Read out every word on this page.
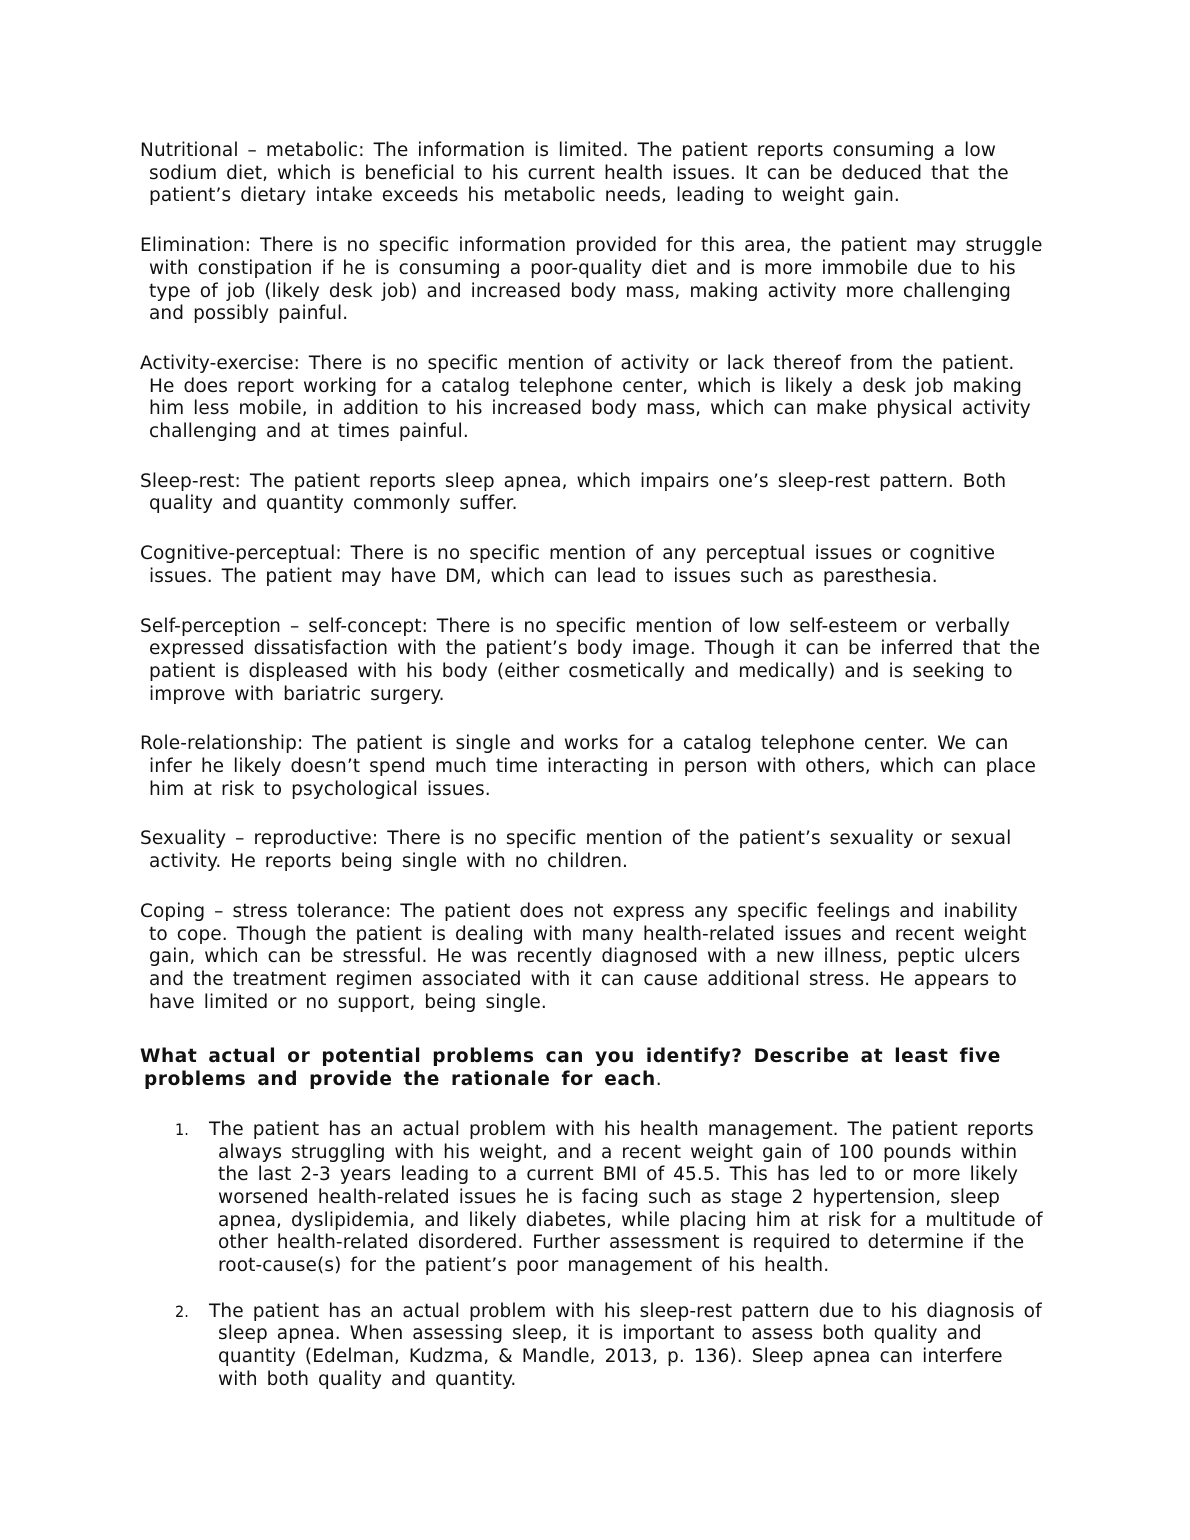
Nutritional – metabolic: The information is limited. The patient reports consuming a low sodium diet, which is beneficial to his current health issues. It can be deduced that the patient’s dietary intake exceeds his metabolic needs, leading to weight gain.

Elimination: There is no specific information provided for this area, the patient may struggle with constipation if he is consuming a poor-quality diet and is more immobile due to his type of job (likely desk job) and increased body mass, making activity more challenging and possibly painful.

Activity-exercise: There is no specific mention of activity or lack thereof from the patient. He does report working for a catalog telephone center, which is likely a desk job making him less mobile, in addition to his increased body mass, which can make physical activity challenging and at times painful.

Sleep-rest: The patient reports sleep apnea, which impairs one’s sleep-rest pattern. Both quality and quantity commonly suffer.

Cognitive-perceptual: There is no specific mention of any perceptual issues or cognitive issues. The patient may have DM, which can lead to issues such as paresthesia.

Self-perception – self-concept: There is no specific mention of low self-esteem or verbally expressed dissatisfaction with the patient’s body image. Though it can be inferred that the patient is displeased with his body (either cosmetically and medically) and is seeking to improve with bariatric surgery.

Role-relationship: The patient is single and works for a catalog telephone center. We can infer he likely doesn’t spend much time interacting in person with others, which can place him at risk to psychological issues.

Sexuality – reproductive: There is no specific mention of the patient’s sexuality or sexual activity. He reports being single with no children.

Coping – stress tolerance: The patient does not express any specific feelings and inability to cope. Though the patient is dealing with many health-related issues and recent weight gain, which can be stressful. He was recently diagnosed with a new illness, peptic ulcers and the treatment regimen associated with it can cause additional stress. He appears to have limited or no support, being single.

What actual or potential problems can you identify? Describe at least five problems and provide the rationale for each.

1. The patient has an actual problem with his health management. The patient reports always struggling with his weight, and a recent weight gain of 100 pounds within the last 2-3 years leading to a current BMI of 45.5. This has led to or more likely worsened health-related issues he is facing such as stage 2 hypertension, sleep apnea, dyslipidemia, and likely diabetes, while placing him at risk for a multitude of other health-related disordered. Further assessment is required to determine if the root-cause(s) for the patient’s poor management of his health.
2. The patient has an actual problem with his sleep-rest pattern due to his diagnosis of sleep apnea. When assessing sleep, it is important to assess both quality and quantity (Edelman, Kudzma, & Mandle, 2013, p. 136). Sleep apnea can interfere with both quality and quantity.
